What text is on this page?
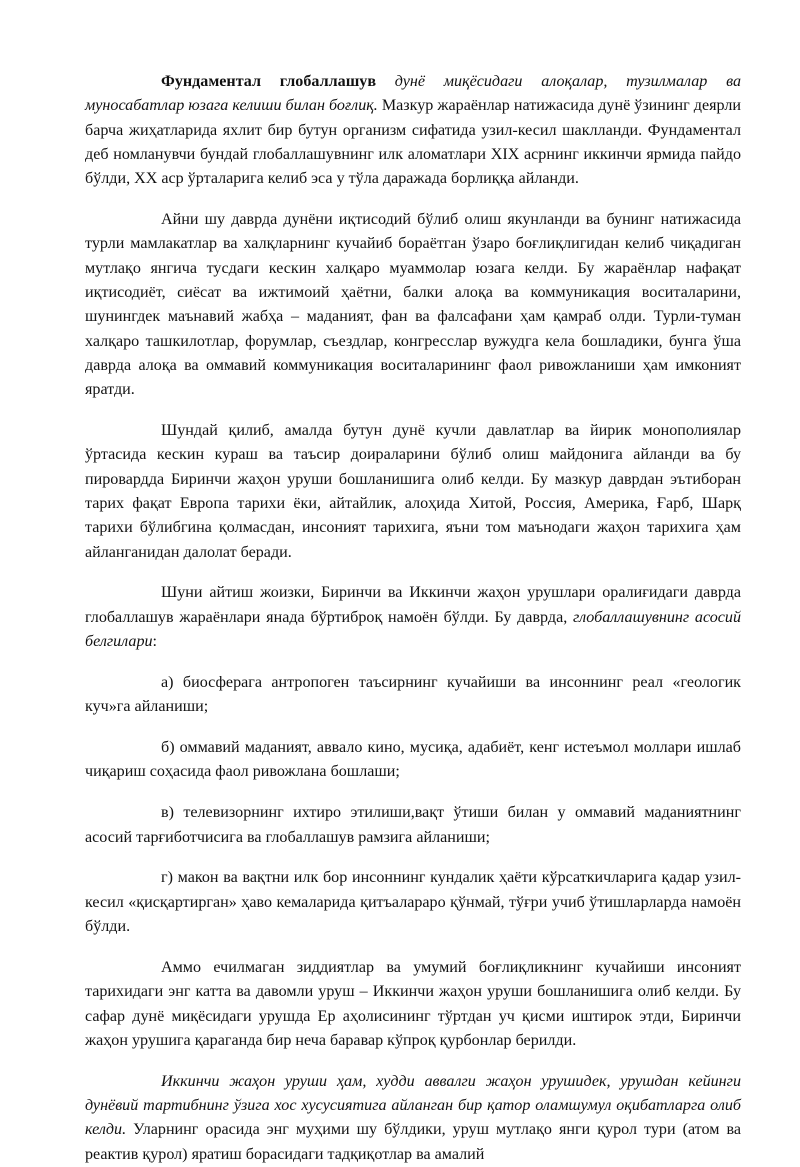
Фундаментал глобаллашув дунё миқёсидаги алоқалар, тузилмалар ва муносабатлар юзага келиши билан боғлиқ. Мазкур жараёнлар натижасида дунё ўзининг деярли барча жиҳатларида яхлит бир бутун организм сифатида узил-кесил шаклланди. Фундаментал деб номланувчи бундай глобаллашувнинг илк аломатлари XIX асрнинг иккинчи ярмида пайдо бўлди, XX аср ўрталарига келиб эса у тўла даражада борлиққа айланди.

Айни шу даврда дунёни иқтисодий бўлиб олиш якунланди ва бунинг натижасида турли мамлакатлар ва халқларнинг кучайиб бораётган ўзаро боғлиқлигидан келиб чиқадиган мутлақо янгича тусдаги кескин халқаро муаммолар юзага келди. Бу жараёнлар нафақат иқтисодиёт, сиёсат ва ижтимоий ҳаётни, балки алоқа ва коммуникация воситаларини, шунингдек маънавий жабҳа – маданият, фан ва фалсафани ҳам қамраб олди. Турли-туман халқаро ташкилотлар, форумлар, съездлар, конгресслар вужудга кела бошладики, бунга ўша даврда алоқа ва оммавий коммуникация воситаларининг фаол ривожланиши ҳам имконият яратди.

Шундай қилиб, амалда бутун дунё кучли давлатлар ва йирик монополиялар ўртасида кескин кураш ва таъсир доираларини бўлиб олиш майдонига айланди ва бу пировардда Биринчи жаҳон уруши бошланишига олиб келди. Бу мазкур даврдан эътиборан тарих фақат Европа тарихи ёки, айтайлик, алоҳида Хитой, Россия, Америка, Ғарб, Шарқ тарихи бўлибгина қолмасдан, инсоният тарихига, яъни том маънодаги жаҳон тарихига ҳам айланганидан далолат беради.

Шуни айтиш жоизки, Биринчи ва Иккинчи жаҳон урушлари оралиғидаги даврда глобаллашув жараёнлари янада бўртиброқ намоён бўлди. Бу даврда, глобаллашувнинг асосий белгилари:

а) биосферага антропоген таъсирнинг кучайиши ва инсоннинг реал «геологик куч»га айланиши;

б) оммавий маданият, аввало кино, мусиқа, адабиёт, кенг истеъмол моллари ишлаб чиқариш соҳасида фаол ривожлана бошлаши;

в) телевизорнинг ихтиро этилиши,вақт ўтиши билан у оммавий маданиятнинг асосий тарғиботчисига ва глобаллашув рамзига айланиши;

г) макон ва вақтни илк бор инсоннинг кундалик ҳаёти кўрсаткичларига қадар узил-кесил «қисқартирган» ҳаво кемаларида қитъалараро қўнмай, тўғри учиб ўтишларларда намоён бўлди.

Аммо ечилмаган зиддиятлар ва умумий боғлиқликнинг кучайиши инсоният тарихидаги энг катта ва давомли уруш – Иккинчи жаҳон уруши бошланишига олиб келди. Бу сафар дунё миқёсидаги урушда Ер аҳолисининг тўртдан уч қисми иштирок этди, Биринчи жаҳон урушига қараганда бир неча баравар кўпроқ қурбонлар берилди.

Иккинчи жаҳон уруши ҳам, худди аввалги жаҳон урушидек, урушдан кейинги дунёвий тартибнинг ўзига хос хусусиятига айланган бир қатор оламшумул оқибатларга олиб келди. Уларнинг орасида энг муҳими шу бўлдики, уруш мутлақо янги қурол тури (атом ва реактив қурол) яратиш борасидаги тадқиқотлар ва амалий
